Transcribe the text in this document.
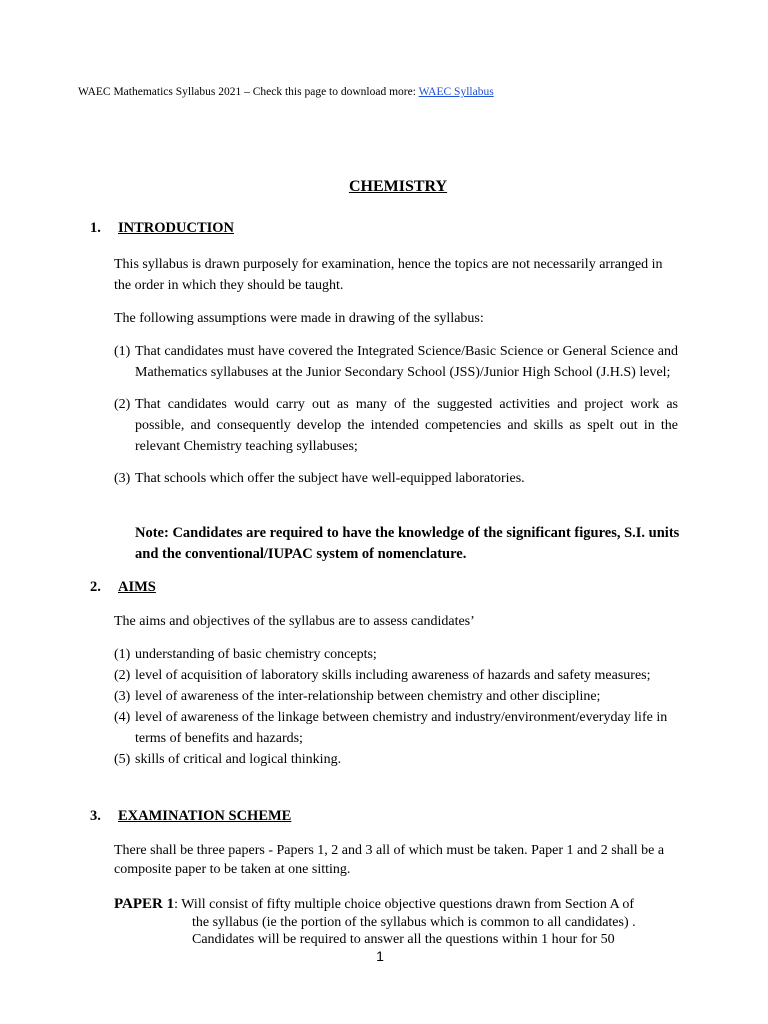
WAEC Mathematics Syllabus 2021 – Check this page to download more: WAEC Syllabus
CHEMISTRY
1. INTRODUCTION
This syllabus is drawn purposely for examination, hence the topics are not necessarily arranged in the order in which they should be taught.
The following assumptions were made in drawing of the syllabus:
(1) That candidates must have covered the Integrated Science/Basic Science or General Science and Mathematics syllabuses at the Junior Secondary School (JSS)/Junior High School (J.H.S) level;
(2) That candidates would carry out as many of the suggested activities and project work as possible, and consequently develop the intended competencies and skills as spelt out in the relevant Chemistry teaching syllabuses;
(3) That schools which offer the subject have well-equipped laboratories.
Note: Candidates are required to have the knowledge of the significant figures, S.I. units and the conventional/IUPAC system of nomenclature.
2. AIMS
The aims and objectives of the syllabus are to assess candidates’
(1) understanding of basic chemistry concepts;
(2) level of acquisition of laboratory skills including awareness of hazards and safety measures;
(3) level of awareness of the inter-relationship between chemistry and other discipline;
(4) level of awareness of the linkage between chemistry and industry/environment/everyday life in terms of benefits and hazards;
(5) skills of critical and logical thinking.
3. EXAMINATION SCHEME
There shall be three papers - Papers 1, 2 and 3 all of which must be taken. Paper 1 and 2 shall be a composite paper to be taken at one sitting.
PAPER 1: Will consist of fifty multiple choice objective questions drawn from Section A of
the syllabus (ie the portion of the syllabus which is common to all candidates) .
Candidates will be required to answer all the questions within 1 hour for 50
1
